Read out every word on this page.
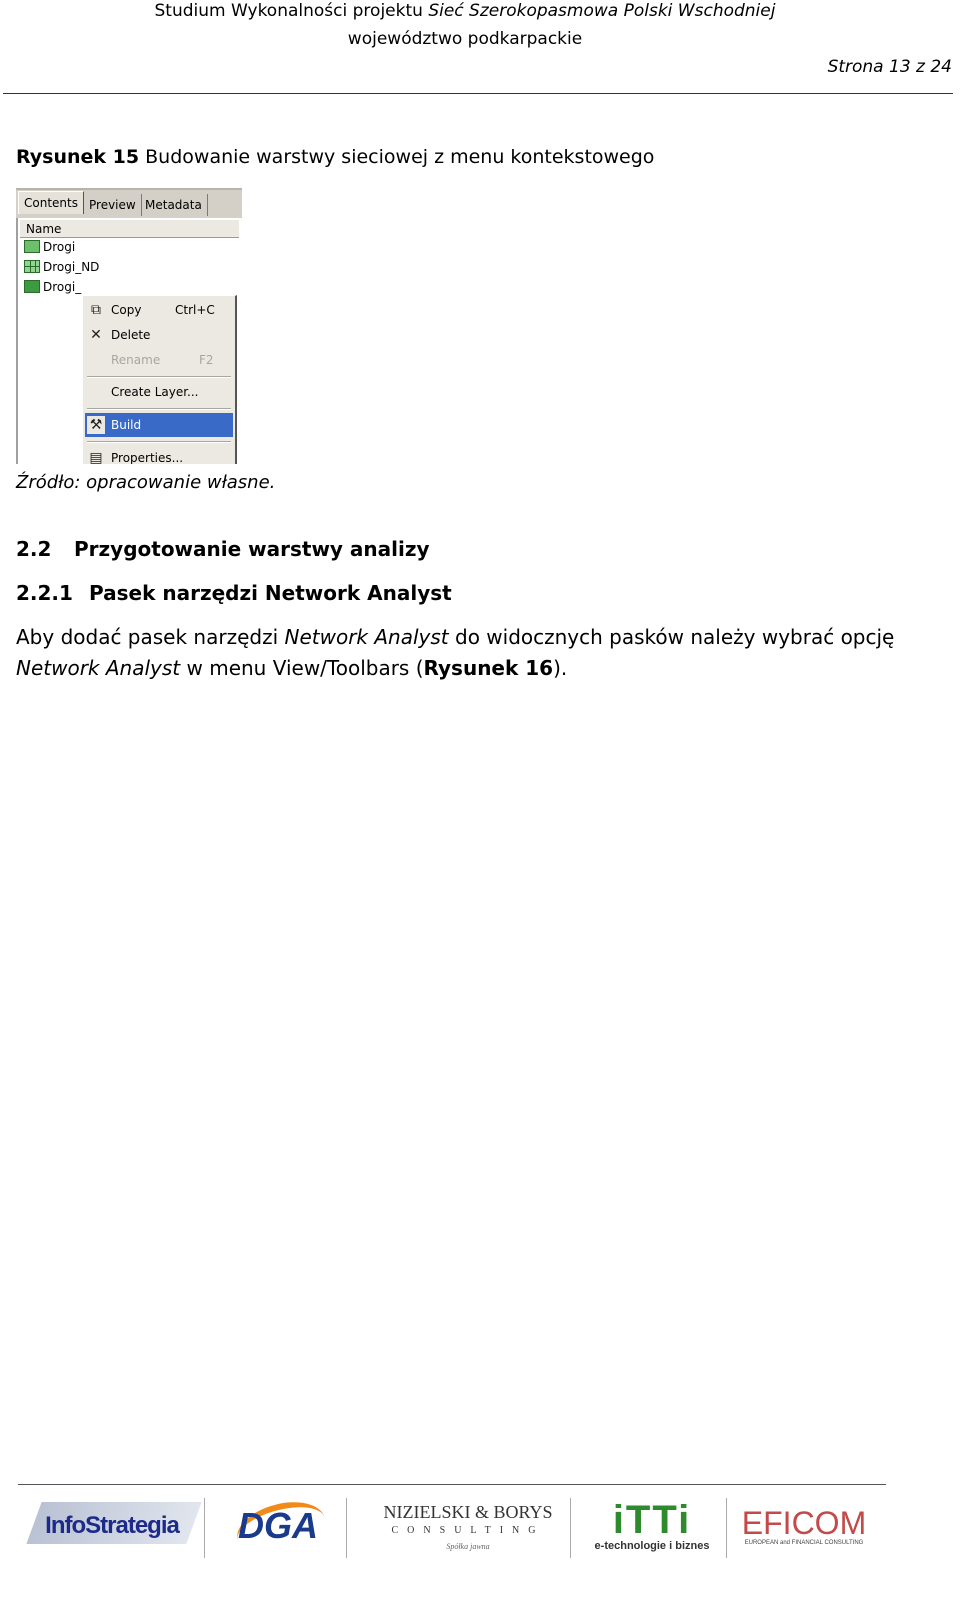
Studium Wykonalności projektu Sieć Szerokopasmowa Polski Wschodniej
województwo podkarpackie
Strona 13 z 24
Rysunek 15 Budowanie warstwy sieciowej z menu kontekstowego
Contents Preview Metadata
Name
Drogi
Drogi_ND
Drogi_
⧉ Copy	Ctrl+C
✕ Delete
Rename	F2
Create Layer...
⚒ Build
▤ Properties...
Źródło: opracowanie własne.
2.2 Przygotowanie warstwy analizy
2.2.1 Pasek narzędzi Network Analyst
Aby dodać pasek narzędzi Network Analyst do widocznych pasków należy wybrać opcję Network Analyst w menu View/Toolbars (Rysunek 16).
InfoStrategia DGA	NIZIELSKI & BORYS
CONSULTING
Spółka jawna
iTTi
e-technologie i biznes
EFICOM
EUROPEAN and FINANCIAL CONSULTING
